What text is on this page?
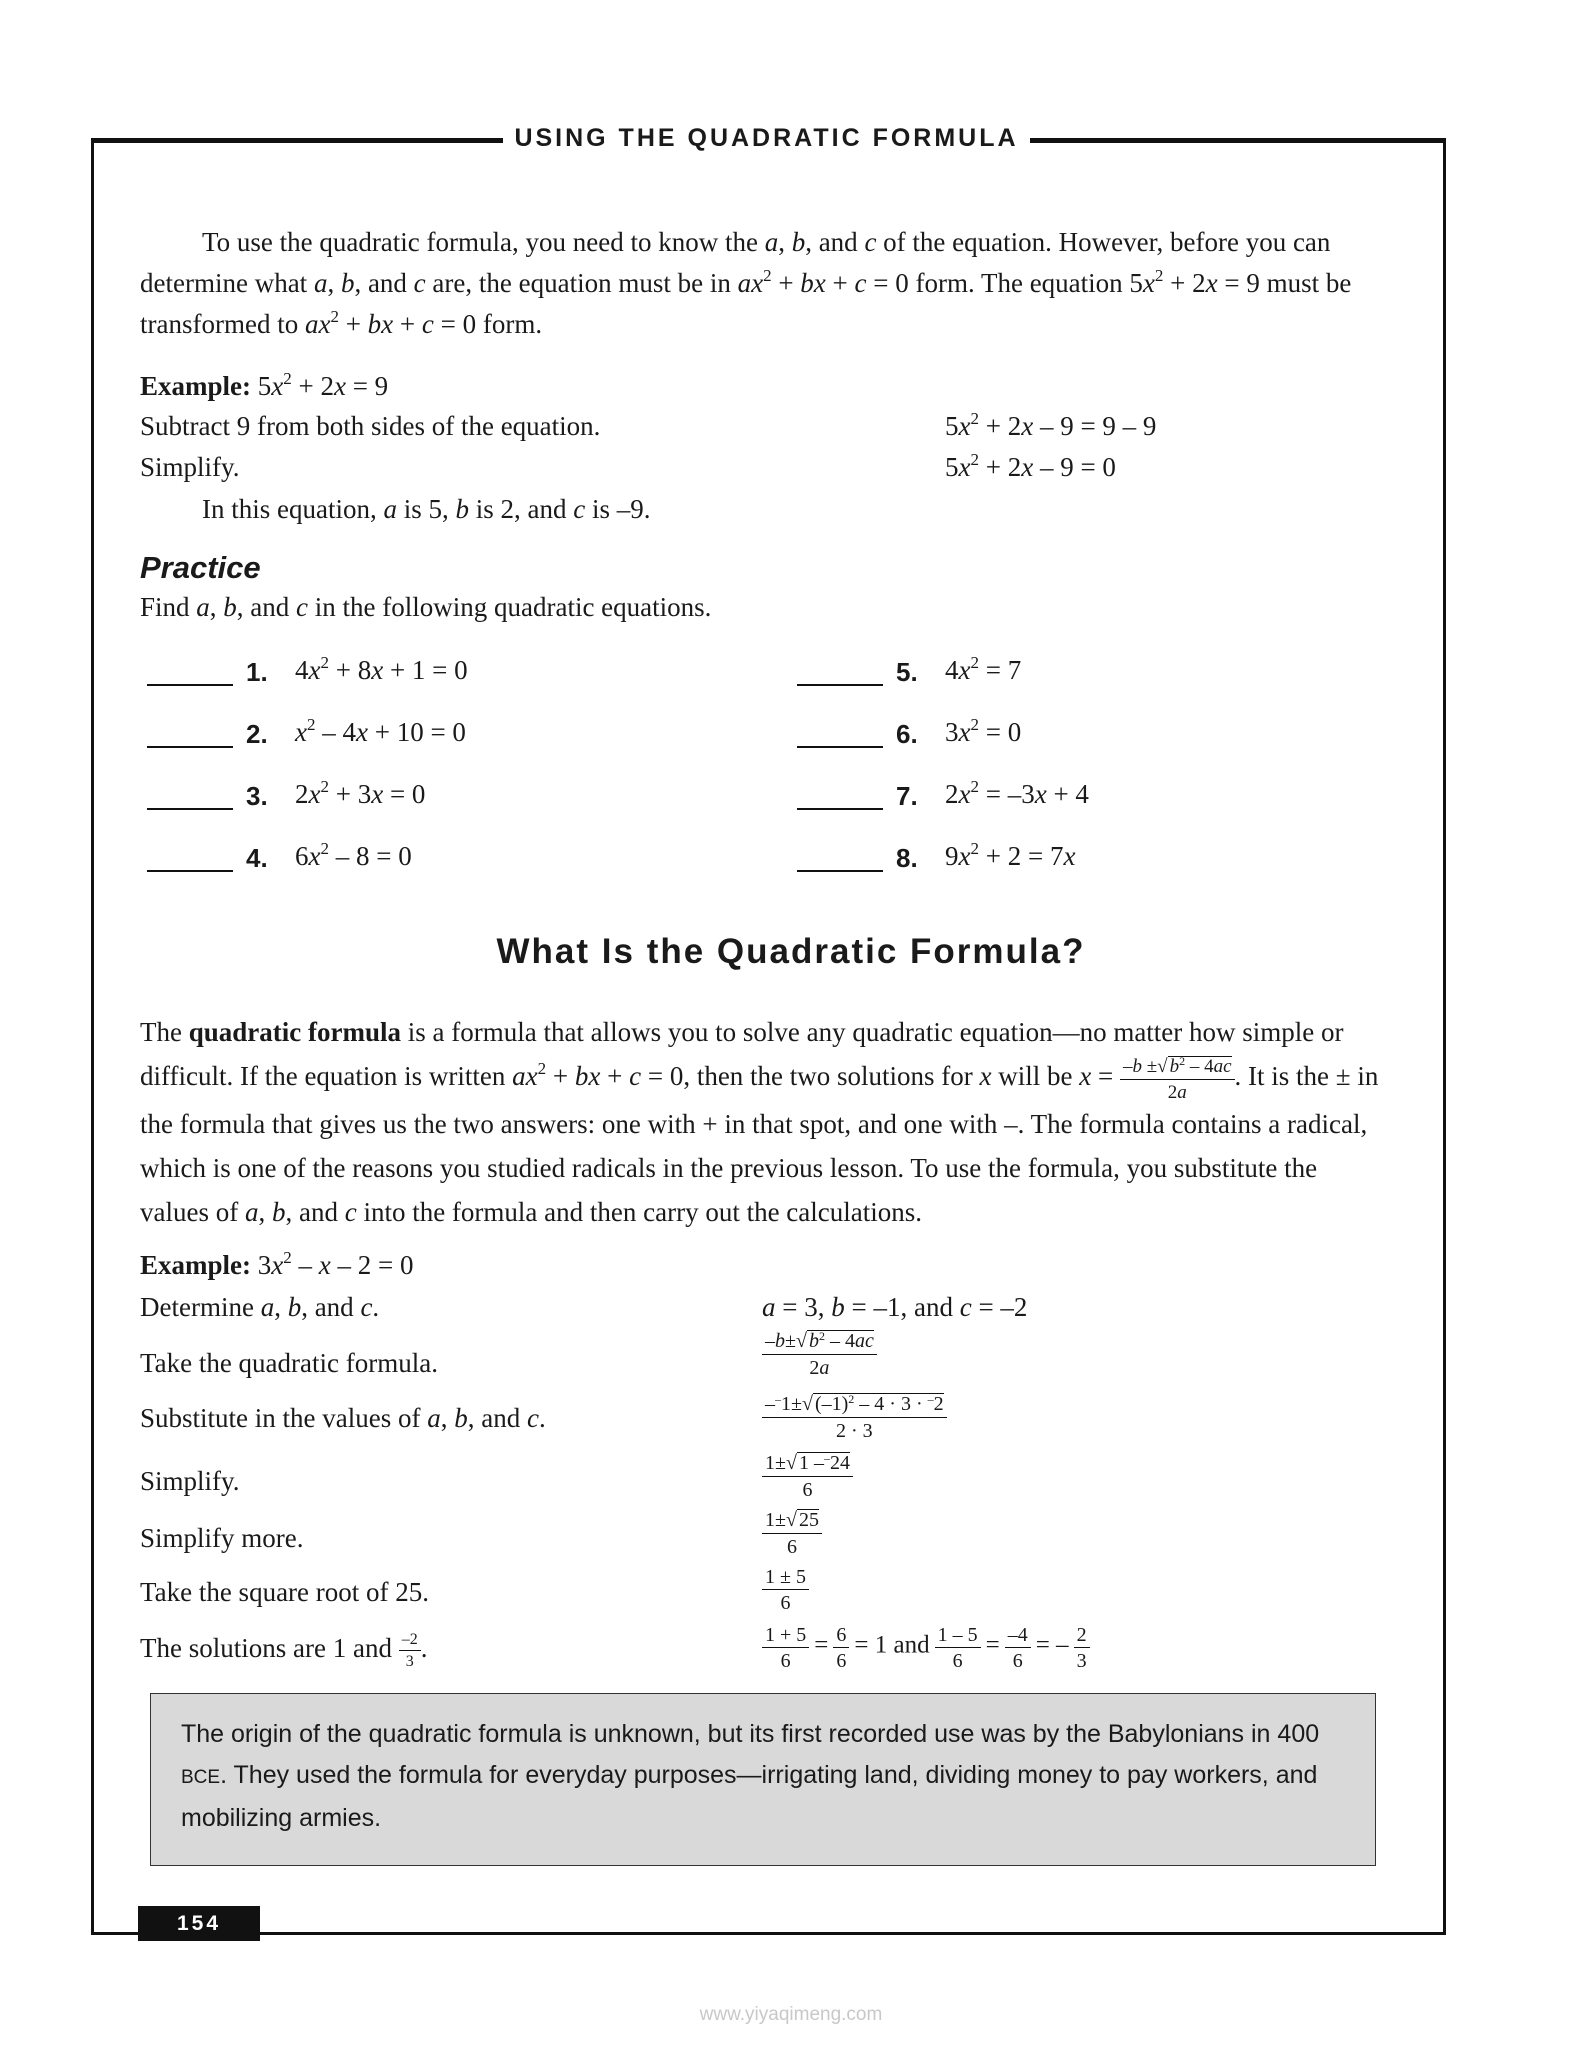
USING THE QUADRATIC FORMULA
To use the quadratic formula, you need to know the a, b, and c of the equation. However, before you can determine what a, b, and c are, the equation must be in $ax^2$ + bx + c = 0 form. The equation $5x^2 + 2x = 9$ must be transformed to $ax^2$ + bx + c = 0 form.
Example: $5x^2 + 2x = 9$
Subtract 9 from both sides of the equation.	$5x^2 + 2x - 9 = 9 - 9$
Simplify.	$5x^2 + 2x - 9 = 0$
In this equation, a is 5, b is 2, and c is –9.
Practice
Find a, b, and c in the following quadratic equations.
1. $4x^2 + 8x + 1 = 0$
2. $x^2 - 4x + 10 = 0$
3. $2x^2 + 3x = 0$
4. $6x^2 - 8 = 0$
5. $4x^2 = 7$
6. $3x^2 = 0$
7. $2x^2 = -3x + 4$
8. $9x^2 + 2 = 7x$
What Is the Quadratic Formula?
The quadratic formula is a formula that allows you to solve any quadratic equation—no matter how simple or difficult. If the equation is written $ax^2$ + bx + c = 0, then the two solutions for x will be $x = \frac{-b \pm√ b^2 - 4ac}{2a}$ . It is the ± in the formula that gives us the two answers: one with + in that spot, and one with –. The formula contains a radical, which is one of the reasons you studied radicals in the previous lesson. To use the formula, you substitute the values of a, b, and c into the formula and then carry out the calculations.
Example: $3x^2 - x - 2 = 0$
Determine a, b, and c.	a = 3, b = –1, and c = –2
Take the quadratic formula.	$\frac{-b\pm√ b^2 - 4ac}{2a}$
Substitute in the values of a, b, and c.	$\frac{-^-1\pm√ (-1)^2 - 4 \cdot 3 \cdot ^-2}{2 \cdot 3}$
Simplify.	$\frac{1\pm√ 1 -^-24}{6}$
Simplify more.	$\frac{1\pm√ 25}{6}$
Take the square root of 25.	$\frac{1 \pm 5}{6}$
The solutions are 1 and $\frac{-2}{3}$ .	$\frac{1 + 5}{6} = \frac{6}{6} = 1$ and $\frac{1 - 5}{6} = \frac{-4}{6}$ = – $\frac{2}{3}$
The origin of the quadratic formula is unknown, but its first recorded use was by the Babylonians in 400 BCE. They used the formula for everyday purposes—irrigating land, dividing money to pay workers, and mobilizing armies.
154
www.yiyaqimeng.com
